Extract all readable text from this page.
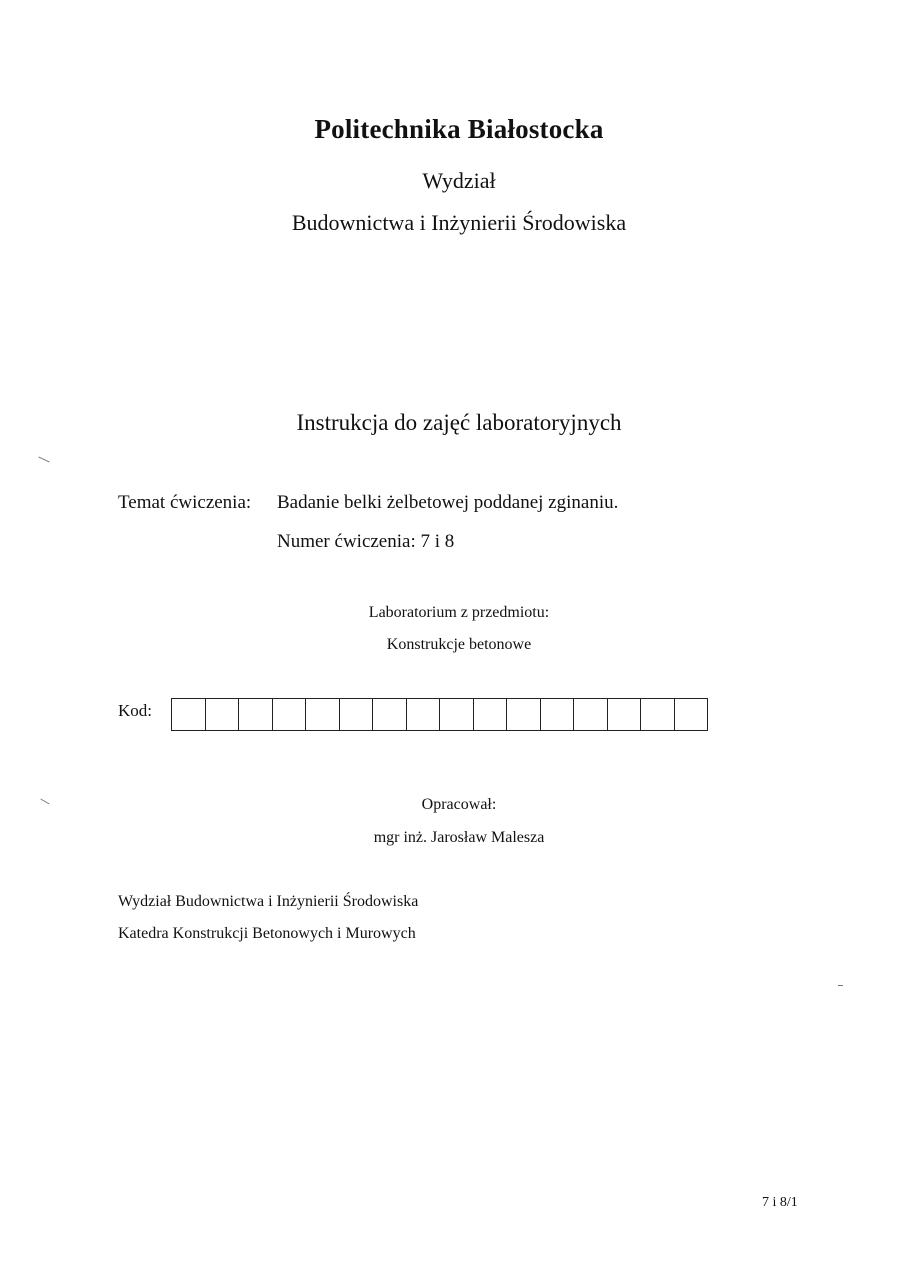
Politechnika Białostocka
Wydział
Budownictwa i Inżynierii Środowiska
Instrukcja do zajęć laboratoryjnych
Temat ćwiczenia: Badanie belki żelbetowej poddanej zginaniu.
Numer ćwiczenia: 7 i 8
Laboratorium z przedmiotu:
Konstrukcje betonowe
Kod:
Opracował:
mgr inż. Jarosław Malesza
Wydział Budownictwa i Inżynierii Środowiska
Katedra Konstrukcji Betonowych i Murowych
7 i 8/1
